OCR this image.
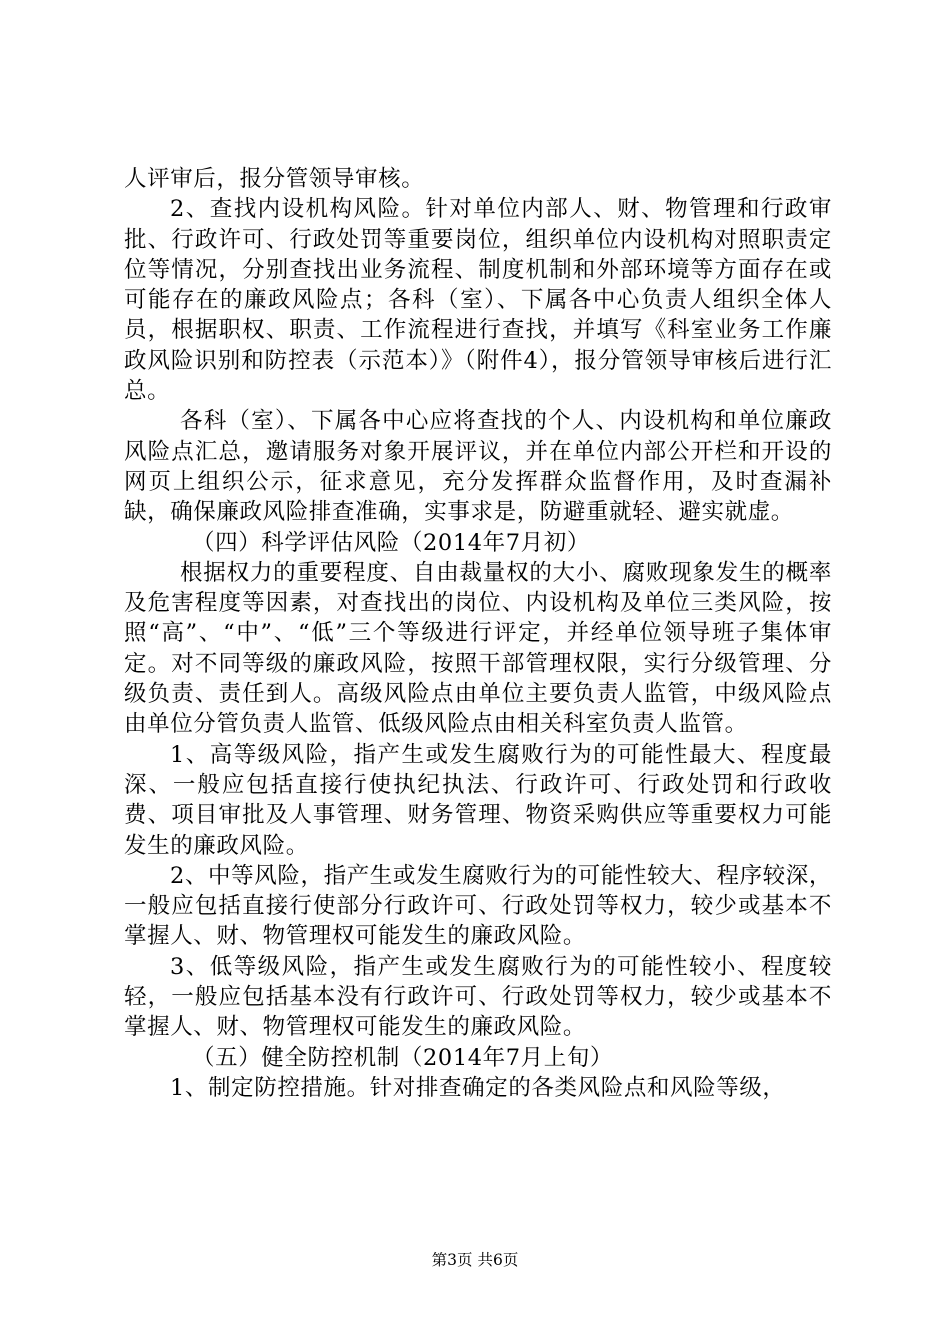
人评审后，报分管领导审核。

2、查找内设机构风险。针对单位内部人、财、物管理和行政审批、行政许可、行政处罚等重要岗位，组织单位内设机构对照职责定位等情况，分别查找出业务流程、制度机制和外部环境等方面存在或可能存在的廉政风险点；各科（室）、下属各中心负责人组织全体人员，根据职权、职责、工作流程进行查找，并填写《科室业务工作廉政风险识别和防控表（示范本）》（附件4），报分管领导审核后进行汇总。

各科（室）、下属各中心应将查找的个人、内设机构和单位廉政风险点汇总，邀请服务对象开展评议，并在单位内部公开栏和开设的网页上组织公示，征求意见，充分发挥群众监督作用，及时查漏补缺，确保廉政风险排查准确，实事求是，防避重就轻、避实就虚。

（四）科学评估风险（2014年7月初）

根据权力的重要程度、自由裁量权的大小、腐败现象发生的概率及危害程度等因素，对查找出的岗位、内设机构及单位三类风险，按照“高”、“中”、“低”三个等级进行评定，并经单位领导班子集体审定。对不同等级的廉政风险，按照干部管理权限，实行分级管理、分级负责、责任到人。高级风险点由单位主要负责人监管，中级风险点由单位分管负责人监管、低级风险点由相关科室负责人监管。

1、高等级风险，指产生或发生腐败行为的可能性最大、程度最深、一般应包括直接行使执纪执法、行政许可、行政处罚和行政收费、项目审批及人事管理、财务管理、物资采购供应等重要权力可能发生的廉政风险。

2、中等风险，指产生或发生腐败行为的可能性较大、程序较深，一般应包括直接行使部分行政许可、行政处罚等权力，较少或基本不掌握人、财、物管理权可能发生的廉政风险。

3、低等级风险，指产生或发生腐败行为的可能性较小、程度较轻，一般应包括基本没有行政许可、行政处罚等权力，较少或基本不掌握人、财、物管理权可能发生的廉政风险。

（五）健全防控机制（2014年7月上旬）

1、制定防控措施。针对排查确定的各类风险点和风险等级，

第3页 共6页
